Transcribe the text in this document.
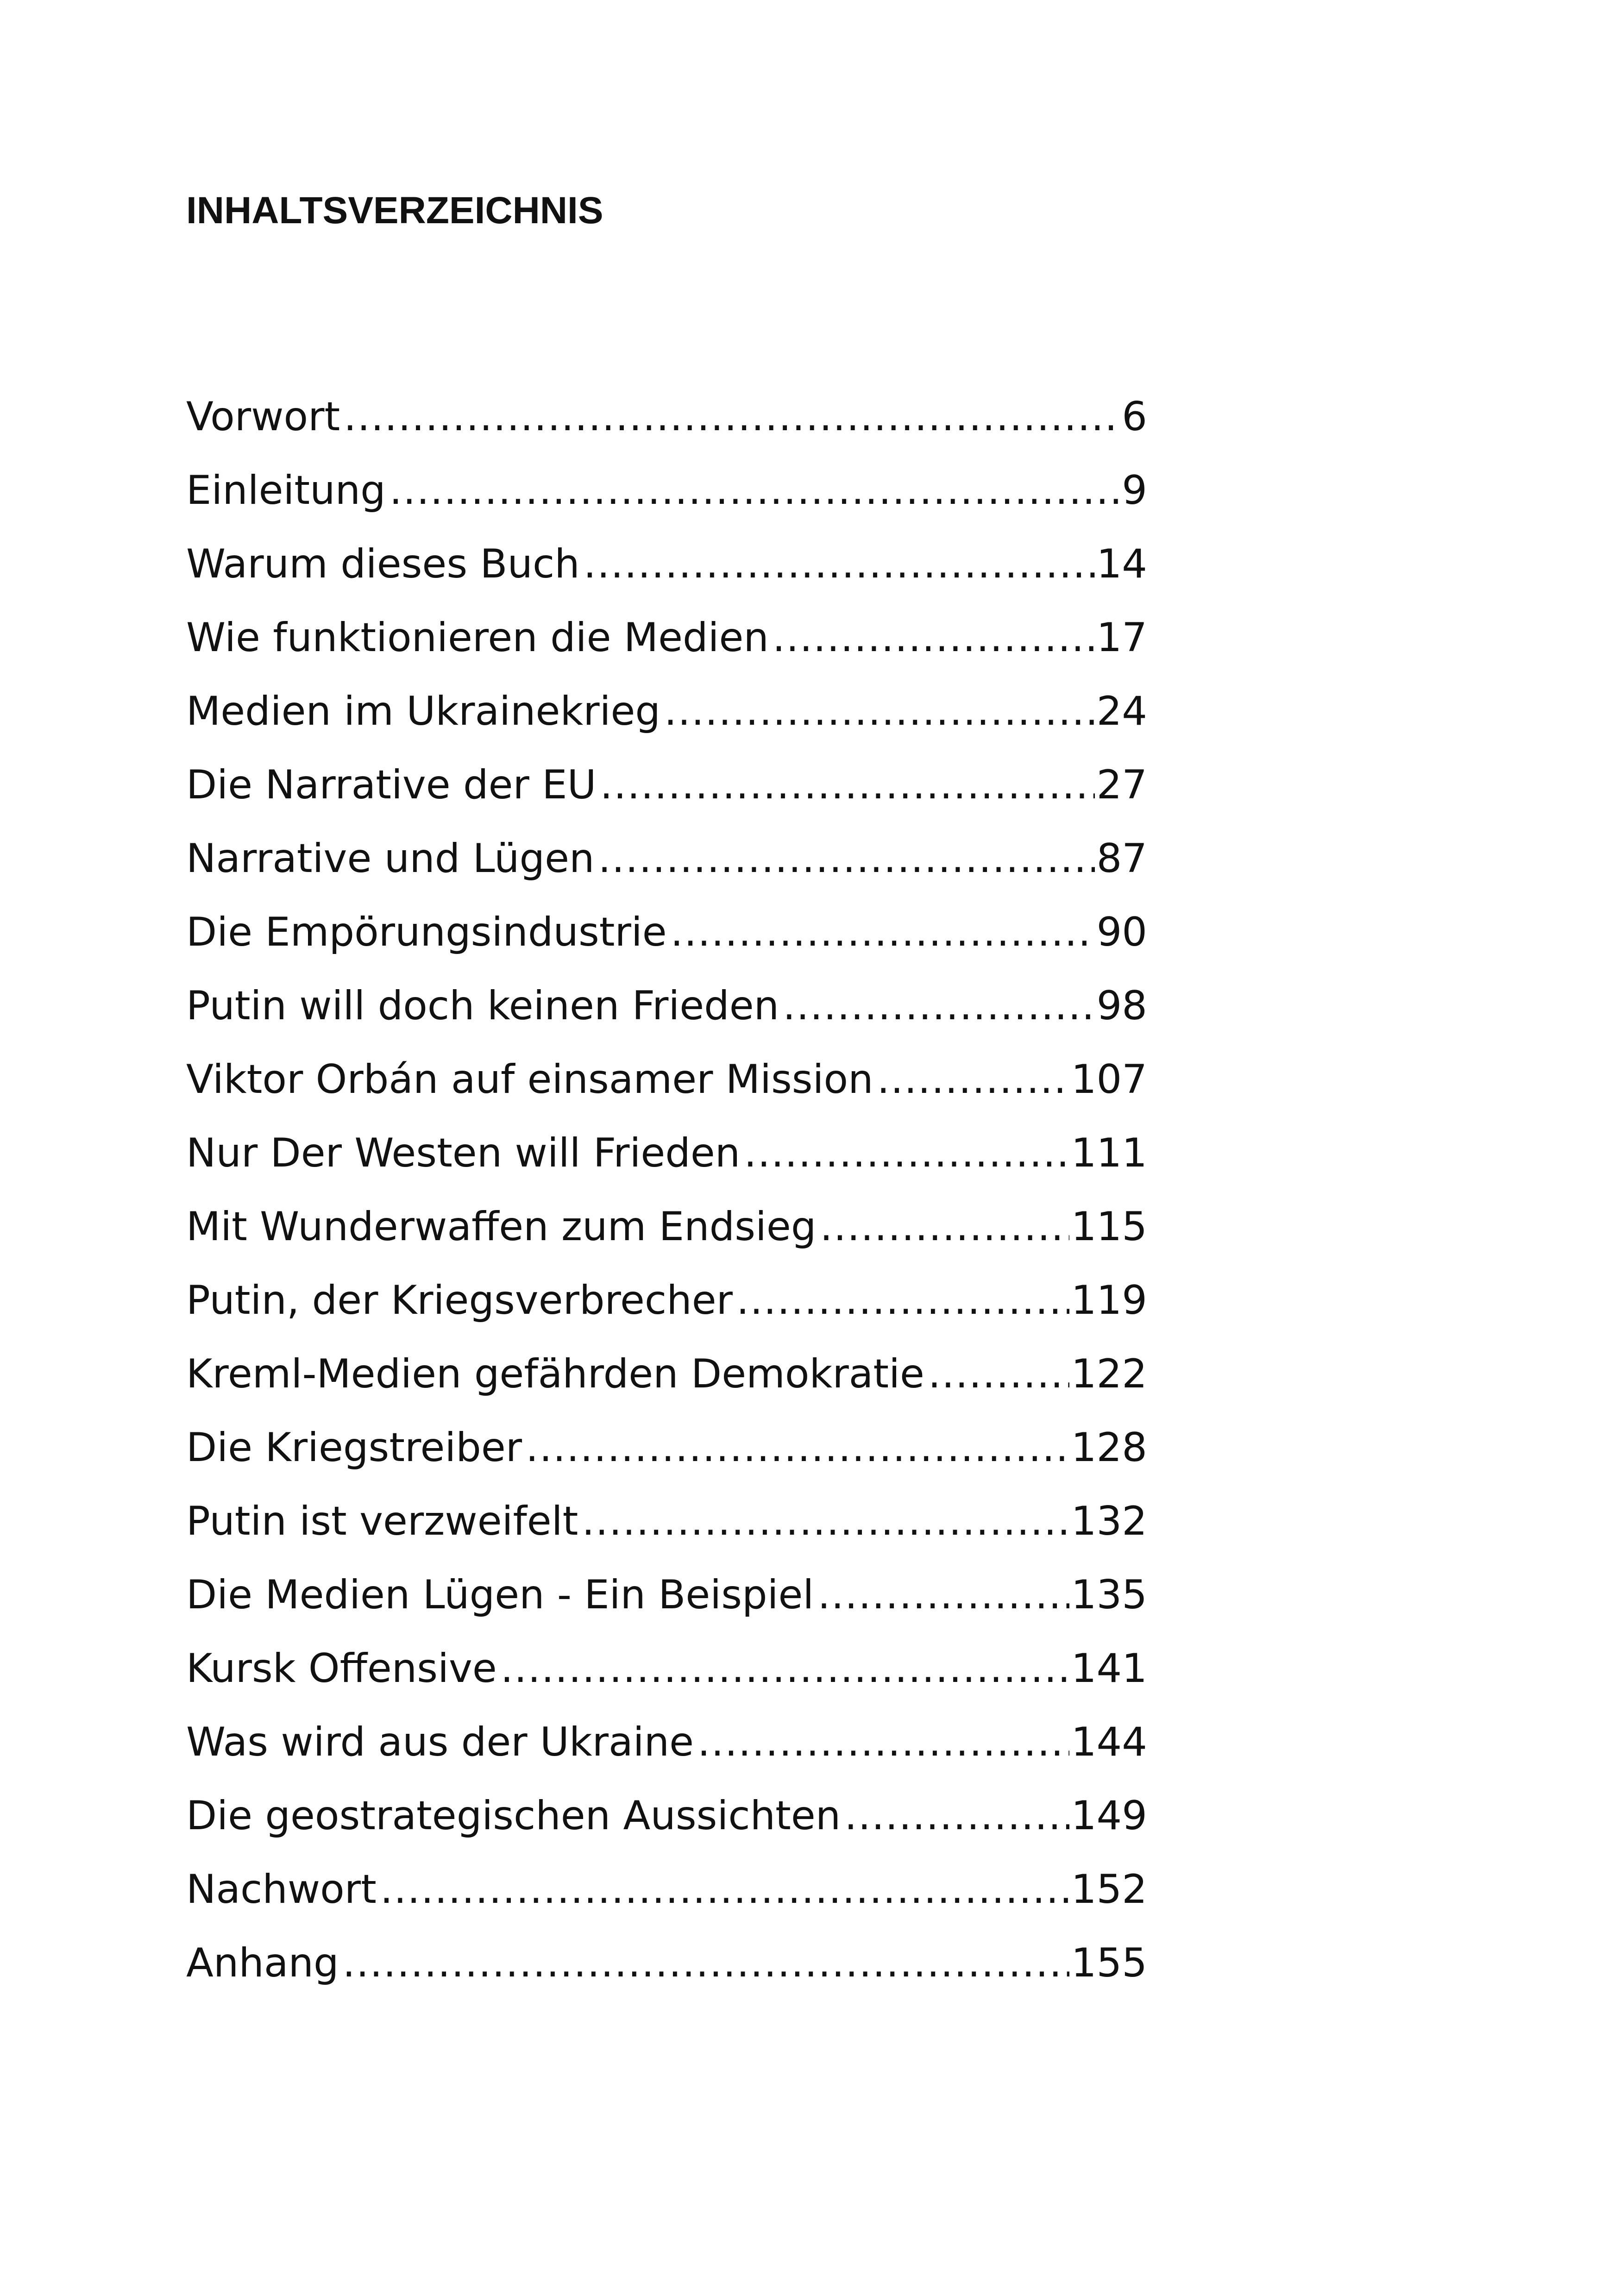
INHALTSVERZEICHNIS
Vorwort .....	6
Einleitung .....	9
Warum dieses Buch .....	14
Wie funktionieren die Medien .....	17
Medien im Ukrainekrieg .....	24
Die Narrative der EU .....	27
Narrative und Lügen .....	87
Die Empörungsindustrie .....	90
Putin will doch keinen Frieden .....	98
Viktor Orbán auf einsamer Mission .....	107
Nur Der Westen will Frieden .....	111
Mit Wunderwaffen zum Endsieg .....	115
Putin, der Kriegsverbrecher .....	119
Kreml-Medien gefährden Demokratie .....	122
Die Kriegstreiber .....	128
Putin ist verzweifelt .....	132
Die Medien Lügen - Ein Beispiel .....	135
Kursk Offensive .....	141
Was wird aus der Ukraine .....	144
Die geostrategischen Aussichten .....	149
Nachwort .....	152
Anhang .....	155
